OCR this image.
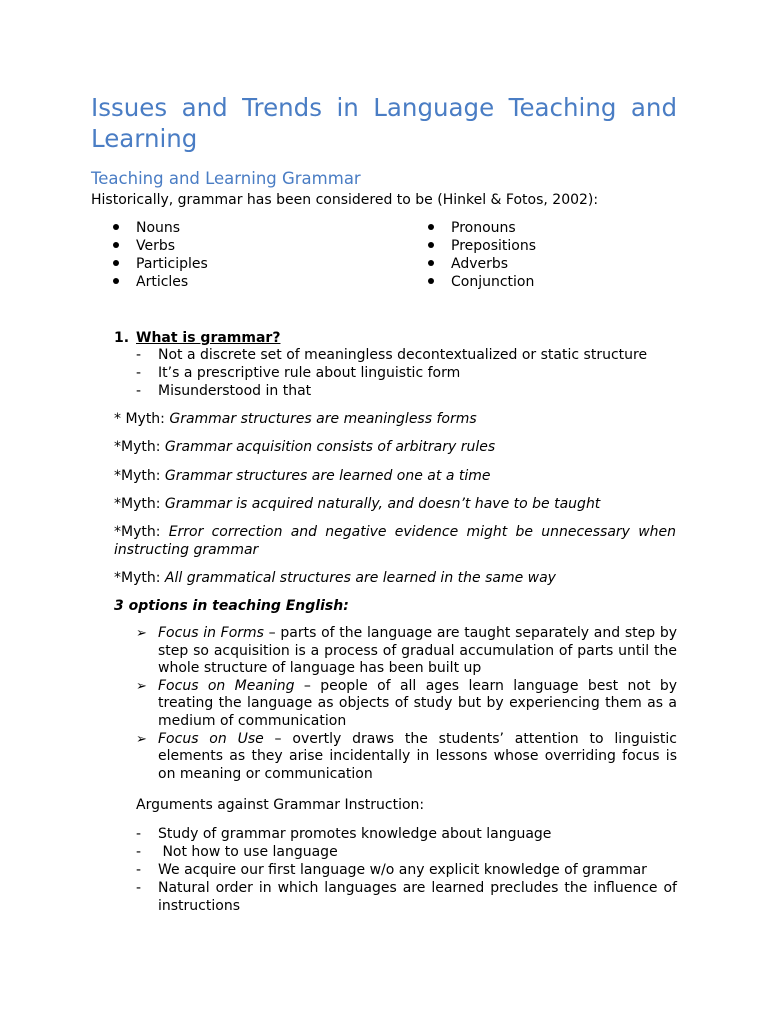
Issues and Trends in Language Teaching and Learning
Teaching and Learning Grammar
Historically, grammar has been considered to be (Hinkel & Fotos, 2002):
Nouns
Verbs
Participles
Articles
Pronouns
Prepositions
Adverbs
Conjunction
1. What is grammar?
- Not a discrete set of meaningless decontextualized or static structure
- It’s a prescriptive rule about linguistic form
- Misunderstood in that
* Myth: Grammar structures are meaningless forms
*Myth: Grammar acquisition consists of arbitrary rules
*Myth: Grammar structures are learned one at a time
*Myth: Grammar is acquired naturally, and doesn’t have to be taught
*Myth: Error correction and negative evidence might be unnecessary when instructing grammar
*Myth: All grammatical structures are learned in the same way
3 options in teaching English:
➢ Focus in Forms – parts of the language are taught separately and step by step so acquisition is a process of gradual accumulation of parts until the whole structure of language has been built up
➢ Focus on Meaning – people of all ages learn language best not by treating the language as objects of study but by experiencing them as a medium of communication
➢ Focus on Use – overtly draws the students’ attention to linguistic elements as they arise incidentally in lessons whose overriding focus is on meaning or communication
Arguments against Grammar Instruction:
- Study of grammar promotes knowledge about language
- Not how to use language
- We acquire our first language w/o any explicit knowledge of grammar
- Natural order in which languages are learned precludes the influence of instructions
